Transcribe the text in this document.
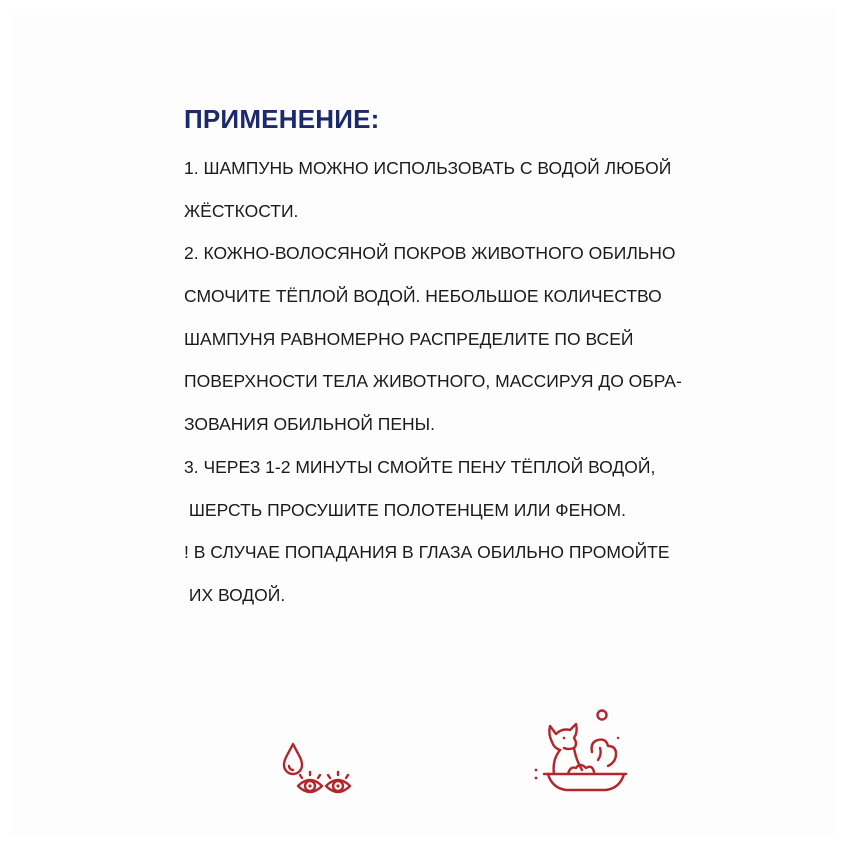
ПРИМЕНЕНИЕ:
1. ШАМПУНЬ МОЖНО ИСПОЛЬЗОВАТЬ С ВОДОЙ ЛЮБОЙ
ЖЁСТКОСТИ.
2. КОЖНО-ВОЛОСЯНОЙ ПОКРОВ ЖИВОТНОГО ОБИЛЬНО
СМОЧИТЕ ТЁПЛОЙ ВОДОЙ. НЕБОЛЬШОЕ КОЛИЧЕСТВО
ШАМПУНЯ РАВНОМЕРНО РАСПРЕДЕЛИТЕ ПО ВСЕЙ
ПОВЕРХНОСТИ ТЕЛА ЖИВОТНОГО, МАССИРУЯ ДО ОБРА-
ЗОВАНИЯ ОБИЛЬНОЙ ПЕНЫ.
3. ЧЕРЕЗ 1-2 МИНУТЫ СМОЙТЕ ПЕНУ ТЁПЛОЙ ВОДОЙ,
ШЕРСТЬ ПРОСУШИТЕ ПОЛОТЕНЦЕМ ИЛИ ФЕНОМ.
! В СЛУЧАЕ ПОПАДАНИЯ В ГЛАЗА ОБИЛЬНО ПРОМОЙТЕ
ИХ ВОДОЙ.
